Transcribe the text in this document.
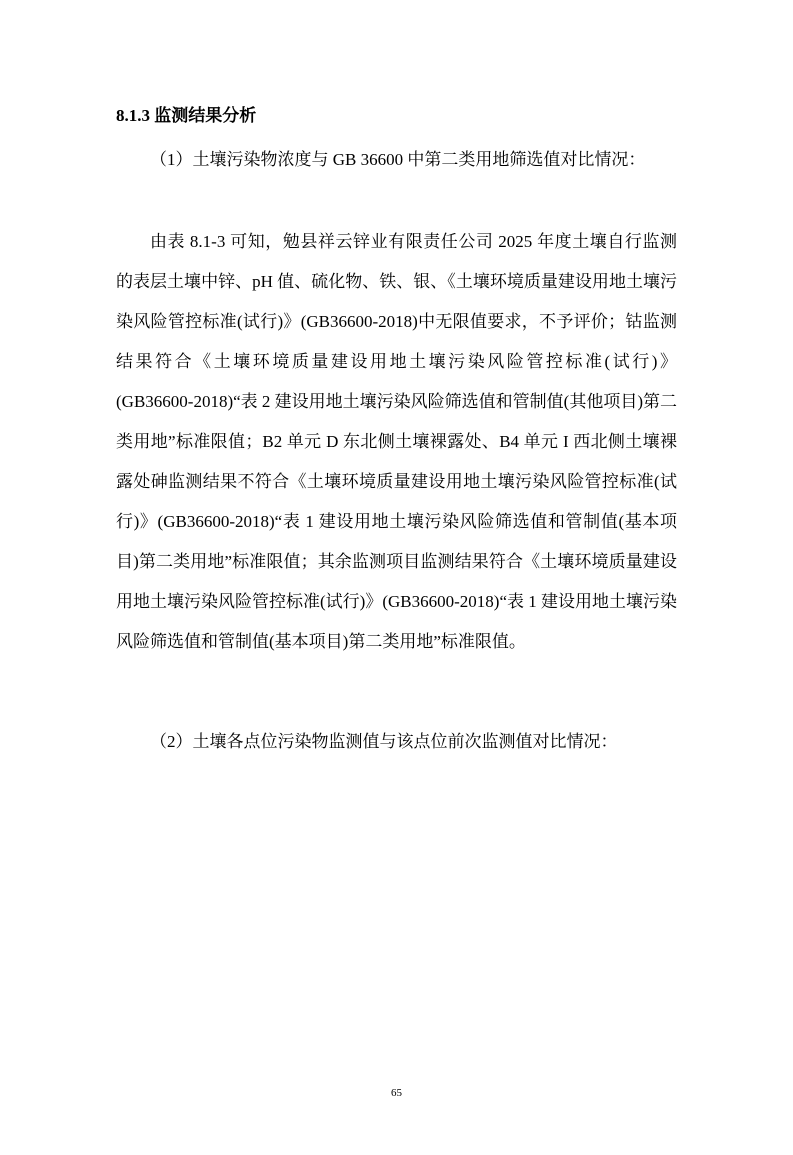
8.1.3 监测结果分析

（1）土壤污染物浓度与 GB 36600 中第二类用地筛选值对比情况：

由表 8.1-3 可知，勉县祥云锌业有限责任公司 2025 年度土壤自行监测的表层土壤中锌、pH 值、硫化物、铁、银、《土壤环境质量建设用地土壤污染风险管控标准(试行)》(GB36600-2018)中无限值要求，不予评价；钴监测结果符合《土壤环境质量建设用地土壤污染风险管控标准(试行)》(GB36600-2018)“表 2 建设用地土壤污染风险筛选值和管制值(其他项目)第二类用地”标准限值；B2 单元 D 东北侧土壤裸露处、B4 单元 I 西北侧土壤裸露处砷监测结果不符合《土壤环境质量建设用地土壤污染风险管控标准(试行)》(GB36600-2018)“表 1 建设用地土壤污染风险筛选值和管制值(基本项目)第二类用地”标准限值；其余监测项目监测结果符合《土壤环境质量建设用地土壤污染风险管控标准(试行)》(GB36600-2018)“表 1 建设用地土壤污染风险筛选值和管制值(基本项目)第二类用地”标准限值。

（2）土壤各点位污染物监测值与该点位前次监测值对比情况：

65
